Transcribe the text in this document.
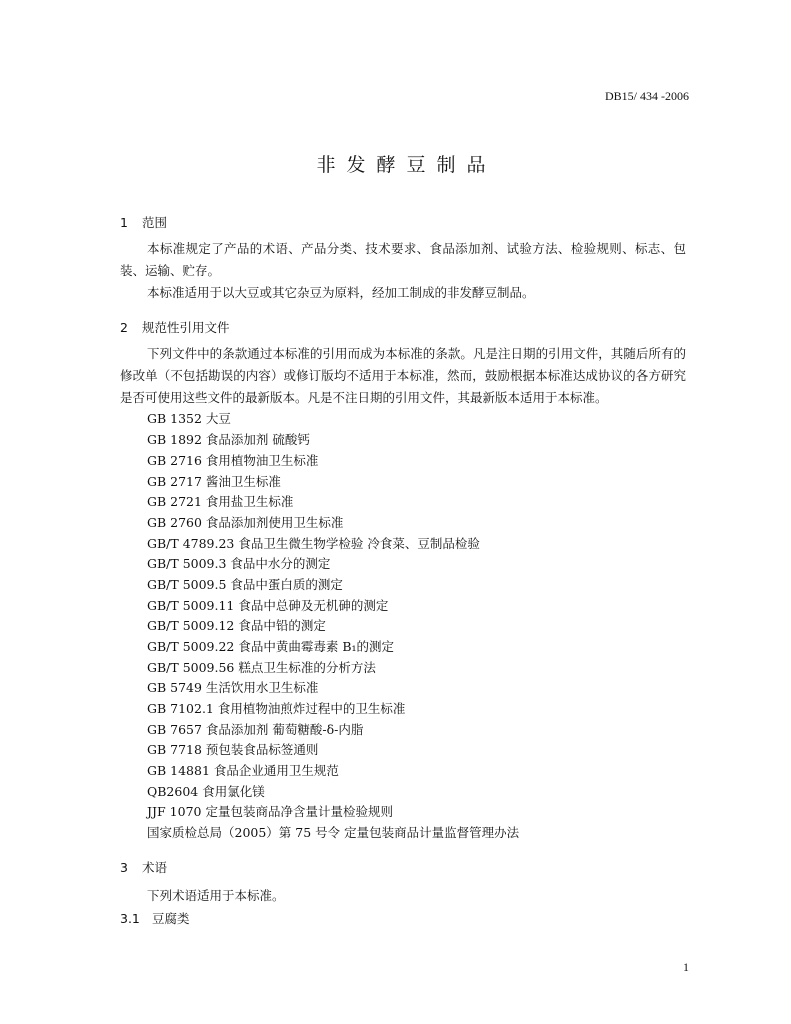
DB15/ 434 -2006
非发酵豆制品
1 范围
本标准规定了产品的术语、产品分类、技术要求、食品添加剂、试验方法、检验规则、标志、包装、运输、贮存。
本标准适用于以大豆或其它杂豆为原料，经加工制成的非发酵豆制品。
2 规范性引用文件
下列文件中的条款通过本标准的引用而成为本标准的条款。凡是注日期的引用文件，其随后所有的修改单（不包括勘误的内容）或修订版均不适用于本标准，然而，鼓励根据本标准达成协议的各方研究是否可使用这些文件的最新版本。凡是不注日期的引用文件，其最新版本适用于本标准。
GB 1352 大豆
GB 1892 食品添加剂 硫酸钙
GB 2716 食用植物油卫生标准
GB 2717 酱油卫生标准
GB 2721 食用盐卫生标准
GB 2760 食品添加剂使用卫生标准
GB/T 4789.23 食品卫生微生物学检验 冷食菜、豆制品检验
GB/T 5009.3 食品中水分的测定
GB/T 5009.5 食品中蛋白质的测定
GB/T 5009.11 食品中总砷及无机砷的测定
GB/T 5009.12 食品中铅的测定
GB/T 5009.22 食品中黄曲霉毒素 B₁的测定
GB/T 5009.56 糕点卫生标准的分析方法
GB 5749 生活饮用水卫生标准
GB 7102.1 食用植物油煎炸过程中的卫生标准
GB 7657 食品添加剂 葡萄糖酸-δ-内脂
GB 7718 预包装食品标签通则
GB 14881 食品企业通用卫生规范
QB2604 食用氯化镁
JJF 1070 定量包装商品净含量计量检验规则
国家质检总局（2005）第 75 号令 定量包装商品计量监督管理办法
3 术语
下列术语适用于本标准。
3.1 豆腐类
1
